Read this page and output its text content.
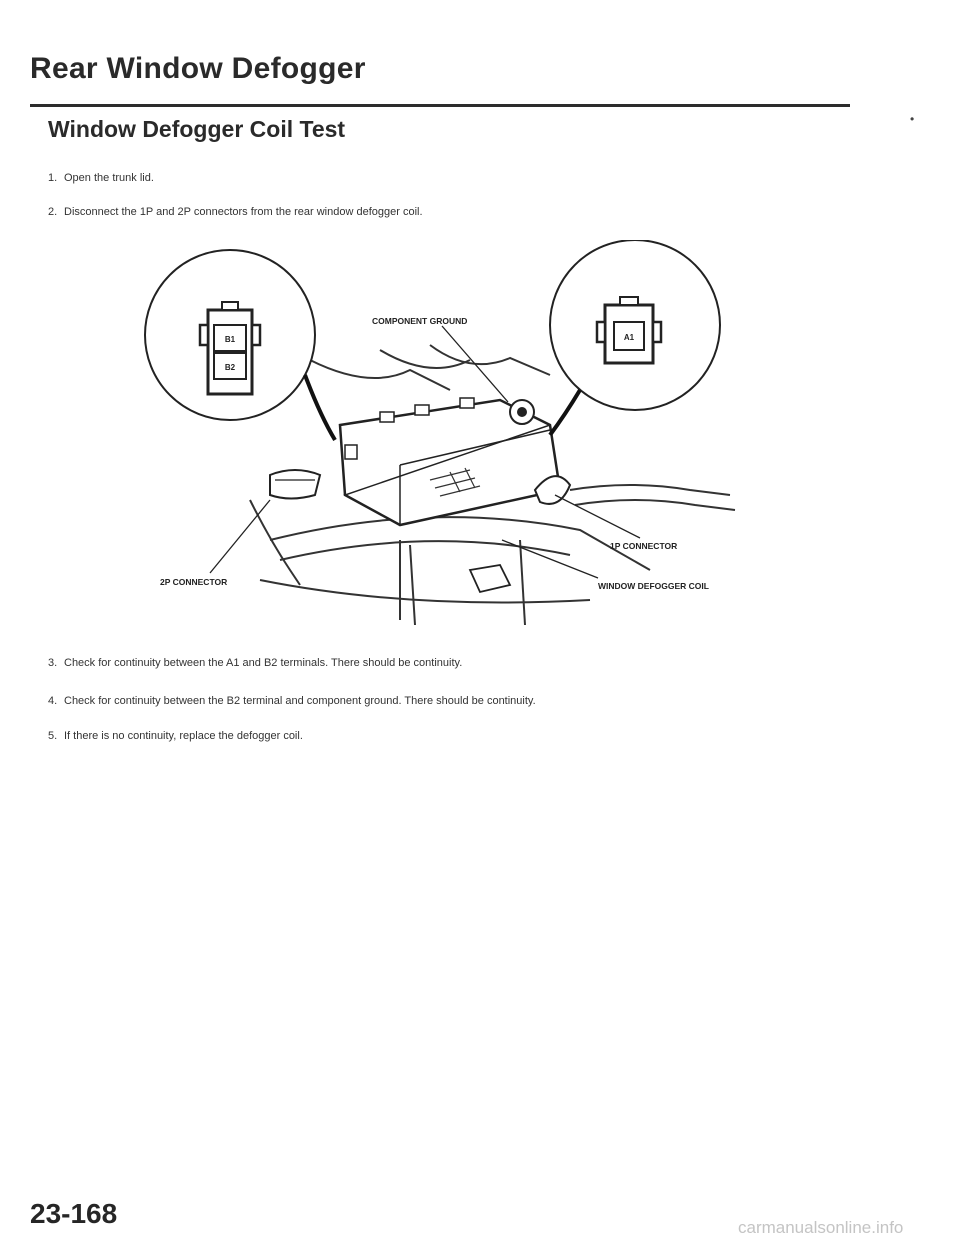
Rear Window Defogger
•
Window Defogger Coil Test
1. Open the trunk lid.
2. Disconnect the 1P and 2P connectors from the rear window defogger coil.
B1
B2
A1
COMPONENT GROUND
1P CONNECTOR
2P CONNECTOR	WINDOW DEFOGGER COIL
3. Check for continuity between the A1 and B2 terminals. There should be continuity.
4. Check for continuity between the B2 terminal and component ground. There should be continuity.
5. If there is no continuity, replace the defogger coil.
23-168	carmanualsonline.info
